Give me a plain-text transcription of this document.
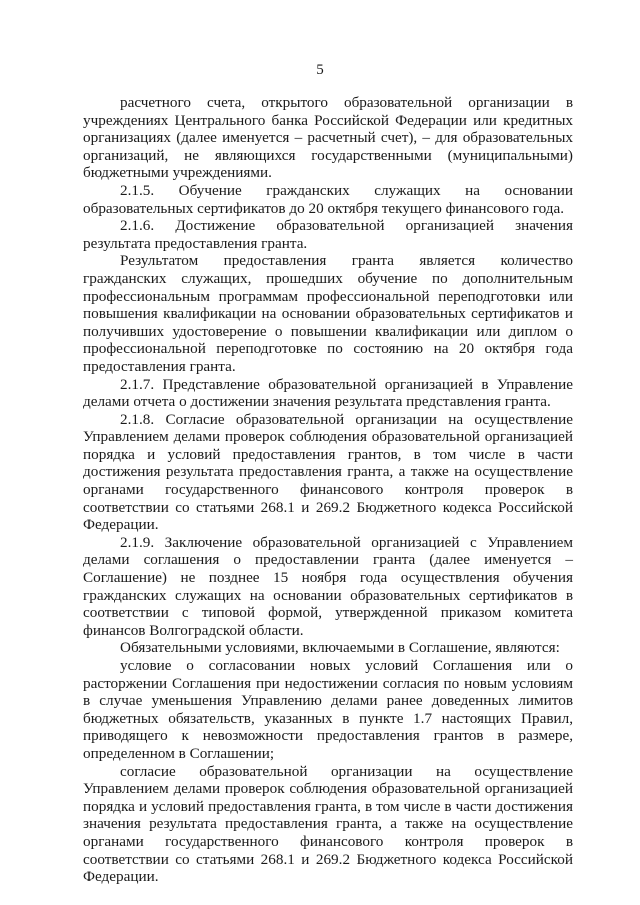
5

расчетного счета, открытого образовательной организации в учреждениях Центрального банка Российской Федерации или кредитных организациях (далее именуется – расчетный счет), – для образовательных организаций, не являющихся государственными (муниципальными) бюджетными учреждениями.

2.1.5. Обучение гражданских служащих на основании образовательных сертификатов до 20 октября текущего финансового года.

2.1.6. Достижение образовательной организацией значения результата предоставления гранта.

Результатом предоставления гранта является количество гражданских служащих, прошедших обучение по дополнительным профессиональным программам профессиональной переподготовки или повышения квалификации на основании образовательных сертификатов и получивших удостоверение о повышении квалификации или диплом о профессиональной переподготовке по состоянию на 20 октября года предоставления гранта.

2.1.7. Представление образовательной организацией в Управление делами отчета о достижении значения результата представления гранта.

2.1.8. Согласие образовательной организации на осуществление Управлением делами проверок соблюдения образовательной организацией порядка и условий предоставления грантов, в том числе в части достижения результата предоставления гранта, а также на осуществление органами государственного финансового контроля проверок в соответствии со статьями 268.1 и 269.2 Бюджетного кодекса Российской Федерации.

2.1.9. Заключение образовательной организацией с Управлением делами соглашения о предоставлении гранта (далее именуется – Соглашение) не позднее 15 ноября года осуществления обучения гражданских служащих на основании образовательных сертификатов в соответствии с типовой формой, утвержденной приказом комитета финансов Волгоградской области.

Обязательными условиями, включаемыми в Соглашение, являются:

условие о согласовании новых условий Соглашения или о расторжении Соглашения при недостижении согласия по новым условиям в случае уменьшения Управлению делами ранее доведенных лимитов бюджетных обязательств, указанных в пункте 1.7 настоящих Правил, приводящего к невозможности предоставления грантов в размере, определенном в Соглашении;

согласие образовательной организации на осуществление Управлением делами проверок соблюдения образовательной организацией порядка и условий предоставления гранта, в том числе в части достижения значения результата предоставления гранта, а также на осуществление органами государственного финансового контроля проверок в соответствии со статьями 268.1 и 269.2 Бюджетного кодекса Российской Федерации.
